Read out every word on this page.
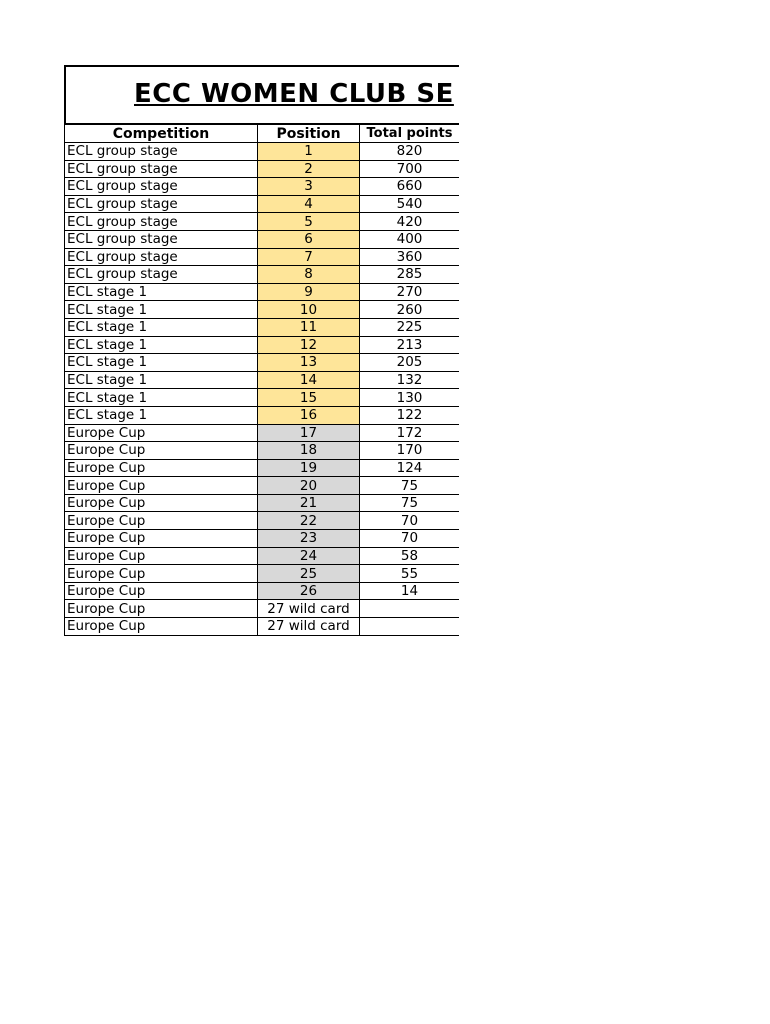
ECC WOMEN CLUB SE
Competition	Position	Total points
ECL group stage	1	820
ECL group stage	2	700
ECL group stage	3	660
ECL group stage	4	540
ECL group stage	5	420
ECL group stage	6	400
ECL group stage	7	360
ECL group stage	8	285
ECL stage 1	9	270
ECL stage 1	10	260
ECL stage 1	11	225
ECL stage 1	12	213
ECL stage 1	13	205
ECL stage 1	14	132
ECL stage 1	15	130
ECL stage 1	16	122
Europe Cup	17	172
Europe Cup	18	170
Europe Cup	19	124
Europe Cup	20	75
Europe Cup	21	75
Europe Cup	22	70
Europe Cup	23	70
Europe Cup	24	58
Europe Cup	25	55
Europe Cup	26	14
Europe Cup	27 wild card	
Europe Cup	27 wild card	
